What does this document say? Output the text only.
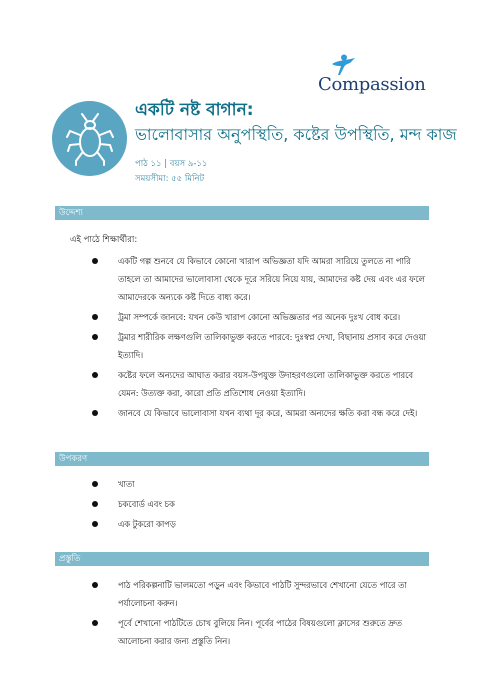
Compassion
একটি নষ্ট বাগান:
ভালোবাসার অনুপস্থিতি, কষ্টের উপস্থিতি, মন্দ কাজ
পাঠ ১১ | বয়স ৯-১১
সময়সীমা: ৫৫ মিনিট
উদ্দেশ্য
এই পাঠে শিক্ষার্থীরা:
একটি গল্প শুনবে যে কিভাবে কোনো খারাপ অভিজ্ঞতা যদি আমরা সারিয়ে তুলতে না পারি তাহলে তা আমাদের ভালোবাসা থেকে দূরে সরিয়ে নিয়ে যায়, আমাদের কষ্ট দেয় এবং এর ফলে আমাদেরকে অন্যকে কষ্ট দিতে বাধ্য করে।
ট্রমা সম্পর্কে জানবে: যখন কেউ খারাপ কোনো অভিজ্ঞতার পর অনেক দুঃখ বোধ করে।
ট্রমার শারীরিক লক্ষণগুলি তালিকাভুক্ত করতে পারবে: দুঃস্বপ্ন দেখা, বিছানায় প্রসাব করে দেওয়া ইত্যাদি।
কষ্টের ফলে অন্যদের আঘাত করার বয়স-উপযুক্ত উদাহরণগুলো তালিকাভুক্ত করতে পারবে যেমন: উত্যক্ত করা, কারো প্রতি প্রতিশোধ নেওয়া ইত্যাদি।
জানবে যে কিভাবে ভালোবাসা যখন ব্যথা দূর করে, আমরা অন্যদের ক্ষতি করা বন্ধ করে দেই।
উপকরণ
খাতা
চকবোর্ড এবং চক
এক টুকরো কাপড়
প্রস্তুতি
পাঠ পরিকল্পনাটি ভালমতো পড়ুন এবং কিভাবে পাঠটি সুন্দরভাবে শেখানো যেতে পারে তা পর্যালোচনা করুন।
পূর্বে শেখানো পাঠটিতে চোখ বুলিয়ে নিন। পূর্বের পাঠের বিষয়গুলো ক্লাসের শুরুতে দ্রুত আলোচনা করার জন্য প্রস্তুতি নিন।
